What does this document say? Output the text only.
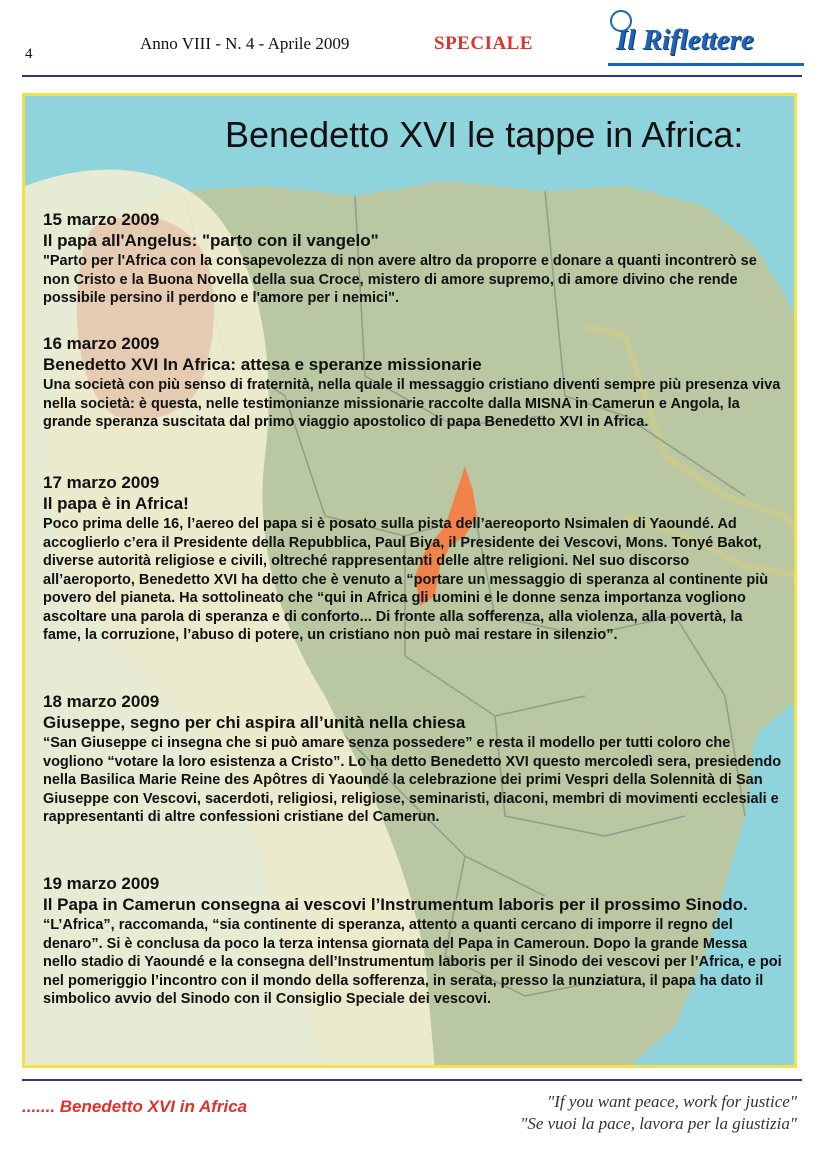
4
Anno VIII - N. 4 - Aprile 2009	SPECIALE	Il Riflettere
Benedetto XVI le tappe in Africa:
15 marzo 2009
Il papa all'Angelus: "parto con il vangelo"
"Parto per l'Africa con la consapevolezza di non avere altro da proporre e donare a quanti incontrerò se non Cristo e la Buona Novella della sua Croce, mistero di amore supremo, di amore divino che rende possibile persino il perdono e l'amore per i nemici".
16 marzo 2009
Benedetto XVI In Africa: attesa e speranze missionarie
Una società con più senso di fraternità, nella quale il messaggio cristiano diventi sempre più presenza viva nella società: è questa, nelle testimonianze missionarie raccolte dalla MISNA in Camerun e Angola, la grande speranza suscitata dal primo viaggio apostolico di papa Benedetto XVI in Africa.
17 marzo 2009
Il papa è in Africa!
Poco prima delle 16, l’aereo del papa si è posato sulla pista dell’aereoporto Nsimalen di Yaoundé. Ad accoglierlo c’era il Presidente della Repubblica, Paul Biya, il Presidente dei Vescovi, Mons. Tonyé Bakot, diverse autorità religiose e civili, oltreché rappresentanti delle altre religioni. Nel suo discorso all’aeroporto, Benedetto XVI ha detto che è venuto a “portare un messaggio di speranza al continente più povero del pianeta. Ha sottolineato che “qui in Africa gli uomini e le donne senza importanza vogliono ascoltare una parola di speranza e di conforto... Di fronte alla sofferenza, alla violenza, alla povertà, la fame, la corruzione, l’abuso di potere, un cristiano non può mai restare in silenzio”.
18 marzo 2009
Giuseppe, segno per chi aspira all’unità nella chiesa
“San Giuseppe ci insegna che si può amare senza possedere” e resta il modello per tutti coloro che vogliono “votare la loro esistenza a Cristo”. Lo ha detto Benedetto XVI questo mercoledì sera, presiedendo nella Basilica Marie Reine des Apôtres di Yaoundé la celebrazione dei primi Vespri della Solennità di San Giuseppe con Vescovi, sacerdoti, religiosi, religiose, seminaristi, diaconi, membri di movimenti ecclesiali e rappresentanti di altre confessioni cristiane del Camerun.
19 marzo 2009
Il Papa in Camerun consegna ai vescovi l’Instrumentum laboris per il prossimo Sinodo.
“L’Africa”, raccomanda, “sia continente di speranza, attento a quanti cercano di imporre il regno del denaro”. Si è conclusa da poco la terza intensa giornata del Papa in Cameroun. Dopo la grande Messa nello stadio di Yaoundé e la consegna dell’Instrumentum laboris per il Sinodo dei vescovi per l’Africa, e poi nel pomeriggio l’incontro con il mondo della sofferenza, in serata, presso la nunziatura, il papa ha dato il simbolico avvio del Sinodo con il Consiglio Speciale dei vescovi.
....... Benedetto XVI in Africa	"If you want peace, work for justice"
"Se vuoi la pace, lavora per la giustizia"
